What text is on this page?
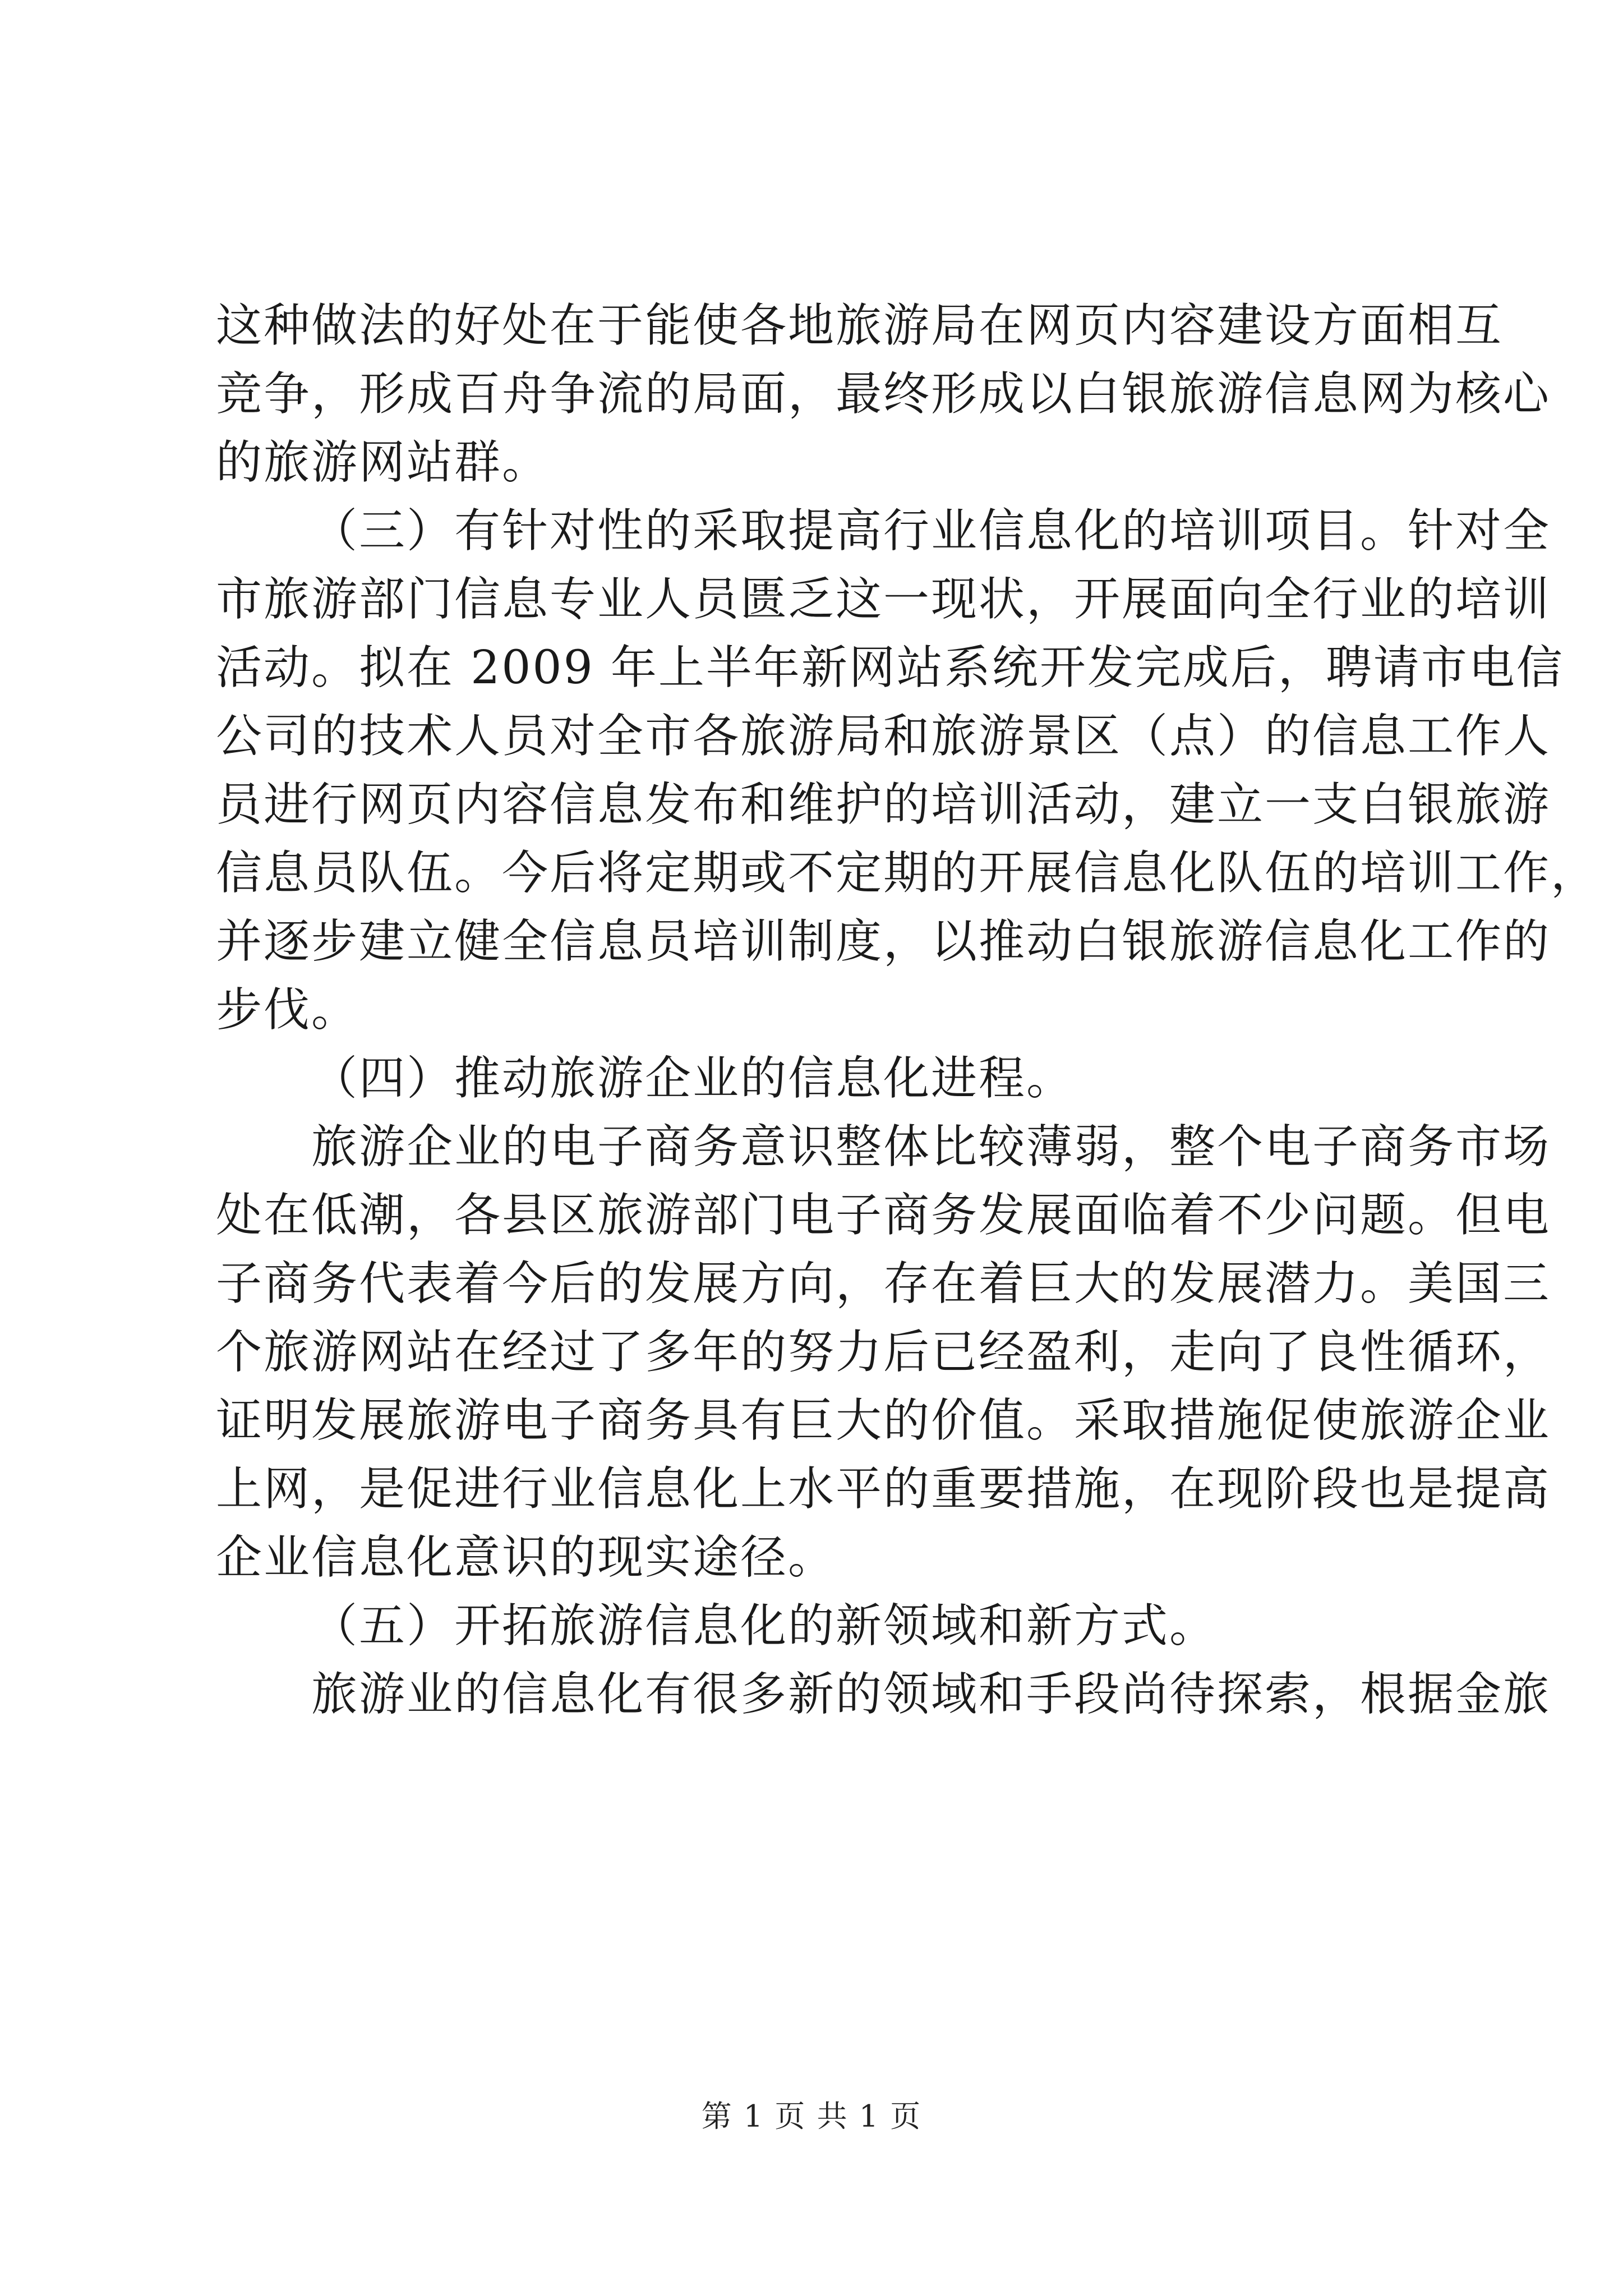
这种做法的好处在于能使各地旅游局在网页内容建设方面相互
竞争，形成百舟争流的局面，最终形成以白银旅游信息网为核心
的旅游网站群。
（三）有针对性的采取提高行业信息化的培训项目。针对全
市旅游部门信息专业人员匮乏这一现状，开展面向全行业的培训
活动。拟在 2009 年上半年新网站系统开发完成后，聘请市电信
公司的技术人员对全市各旅游局和旅游景区（点）的信息工作人
员进行网页内容信息发布和维护的培训活动，建立一支白银旅游
信息员队伍。今后将定期或不定期的开展信息化队伍的培训工作，
并逐步建立健全信息员培训制度，以推动白银旅游信息化工作的
步伐。
（四）推动旅游企业的信息化进程。
旅游企业的电子商务意识整体比较薄弱，整个电子商务市场
处在低潮，各县区旅游部门电子商务发展面临着不少问题。但电
子商务代表着今后的发展方向，存在着巨大的发展潜力。美国三
个旅游网站在经过了多年的努力后已经盈利，走向了良性循环，
证明发展旅游电子商务具有巨大的价值。采取措施促使旅游企业
上网，是促进行业信息化上水平的重要措施，在现阶段也是提高
企业信息化意识的现实途径。
（五）开拓旅游信息化的新领域和新方式。
旅游业的信息化有很多新的领域和手段尚待探索，根据金旅
第 1 页 共 1 页
